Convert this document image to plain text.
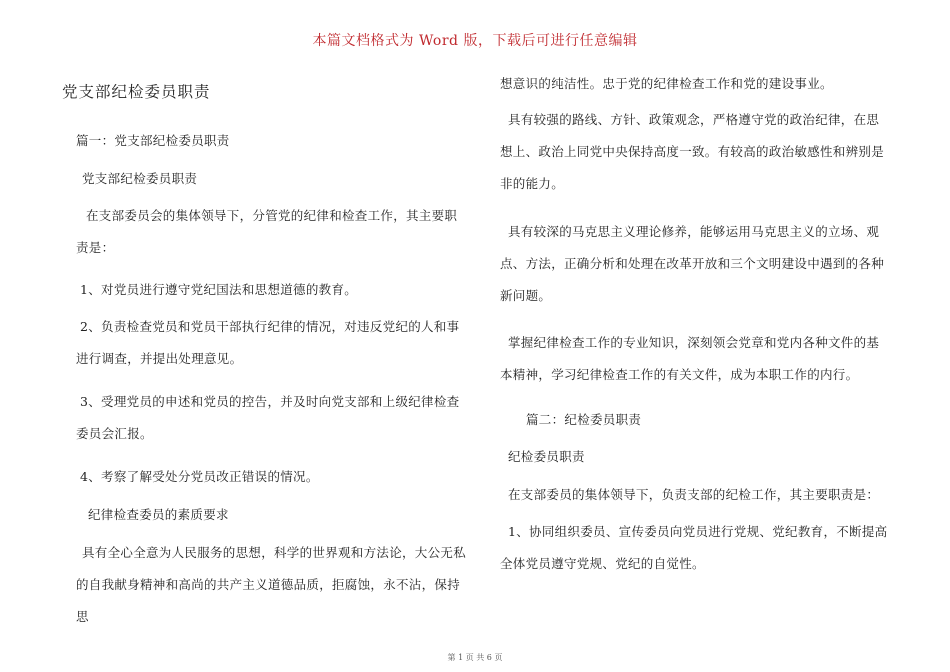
本篇文档格式为 Word 版，下载后可进行任意编辑
党支部纪检委员职责
篇一：党支部纪检委员职责
党支部纪检委员职责
在支部委员会的集体领导下，分管党的纪律和检查工作，其主要职责是：
1、对党员进行遵守党纪国法和思想道德的教育。
2、负责检查党员和党员干部执行纪律的情况，对违反党纪的人和事进行调查，并提出处理意见。
3、受理党员的申述和党员的控告，并及时向党支部和上级纪律检查委员会汇报。
4、考察了解受处分党员改正错误的情况。
纪律检查委员的素质要求
具有全心全意为人民服务的思想，科学的世界观和方法论，大公无私的自我献身精神和高尚的共产主义道德品质，拒腐蚀，永不沾，保持思
想意识的纯洁性。忠于党的纪律检查工作和党的建设事业。
具有较强的路线、方针、政策观念，严格遵守党的政治纪律，在思想上、政治上同党中央保持高度一致。有较高的政治敏感性和辨别是非的能力。
具有较深的马克思主义理论修养，能够运用马克思主义的立场、观点、方法，正确分析和处理在改革开放和三个文明建设中遇到的各种新问题。
掌握纪律检查工作的专业知识，深刻领会党章和党内各种文件的基本精神，学习纪律检查工作的有关文件，成为本职工作的内行。
篇二：纪检委员职责
纪检委员职责
在支部委员的集体领导下，负责支部的纪检工作，其主要职责是：
1、协同组织委员、宣传委员向党员进行党规、党纪教育，不断提高全体党员遵守党规、党纪的自觉性。
第 1 页 共 6 页
